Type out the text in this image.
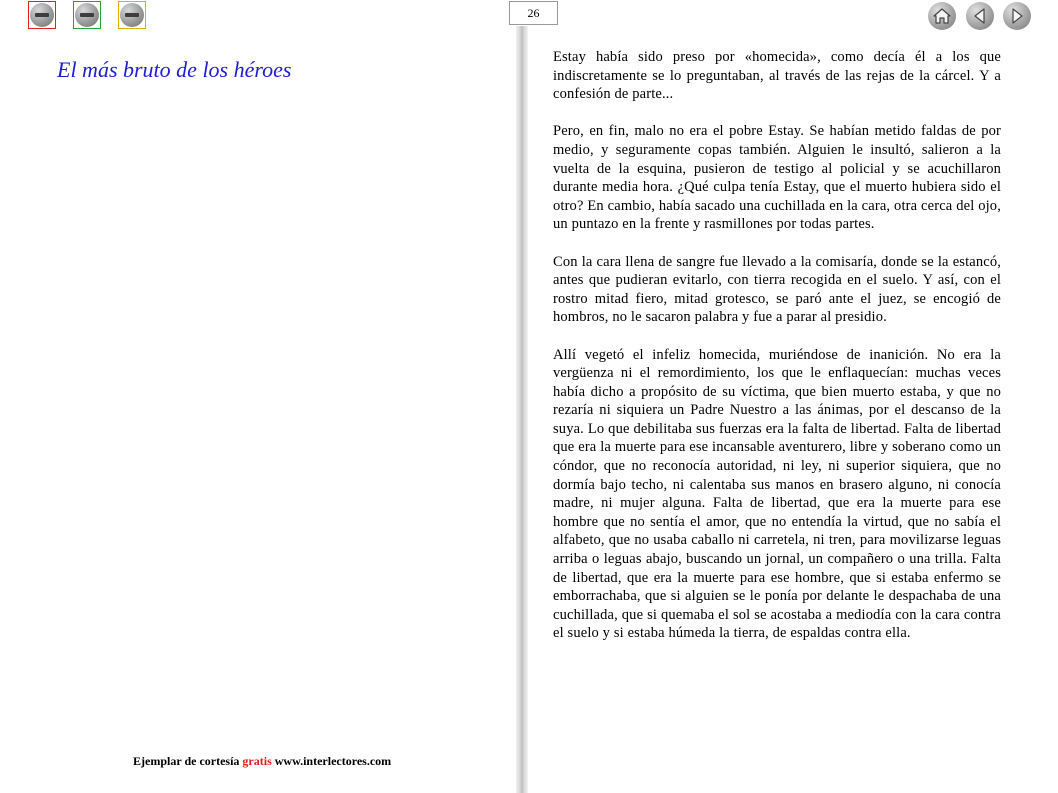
26
El más bruto de los héroes	Estay había sido preso por «homecida», como decía él a los que indiscretamente se lo preguntaban, al través de las rejas de la cárcel. Y a confesión de parte...

Pero, en fin, malo no era el pobre Estay. Se habían metido faldas de por medio, y seguramente copas también. Alguien le insultó, salieron a la vuelta de la esquina, pusieron de testigo al policial y se acuchillaron durante media hora. ¿Qué culpa tenía Estay, que el muerto hubiera sido el otro? En cambio, había sacado una cuchillada en la cara, otra cerca del ojo, un puntazo en la frente y rasmillones por todas partes.

Con la cara llena de sangre fue llevado a la comisaría, donde se la estancó, antes que pudieran evitarlo, con tierra recogida en el suelo. Y así, con el rostro mitad fiero, mitad grotesco, se paró ante el juez, se encogió de hombros, no le sacaron palabra y fue a parar al presidio.

Allí vegetó el infeliz homecida, muriéndose de inanición. No era la vergüenza ni el remordimiento, los que le enflaquecían: muchas veces había dicho a propósito de su víctima, que bien muerto estaba, y que no rezaría ni siquiera un Padre Nuestro a las ánimas, por el descanso de la suya. Lo que debilitaba sus fuerzas era la falta de libertad. Falta de libertad que era la muerte para ese incansable aventurero, libre y soberano como un cóndor, que no reconocía autoridad, ni ley, ni superior siquiera, que no dormía bajo techo, ni calentaba sus manos en brasero alguno, ni conocía madre, ni mujer alguna. Falta de libertad, que era la muerte para ese hombre que no sentía el amor, que no entendía la virtud, que no sabía el alfabeto, que no usaba caballo ni carretela, ni tren, para movilizarse leguas arriba o leguas abajo, buscando un jornal, un compañero o una trilla. Falta de libertad, que era la muerte para ese hombre, que si estaba enfermo se emborrachaba, que si alguien se le ponía por delante le despachaba de una cuchillada, que si quemaba el sol se acostaba a mediodía con la cara contra el suelo y si estaba húmeda la tierra, de espaldas contra ella.

Ejemplar de cortesía gratis www.interlectores.com
